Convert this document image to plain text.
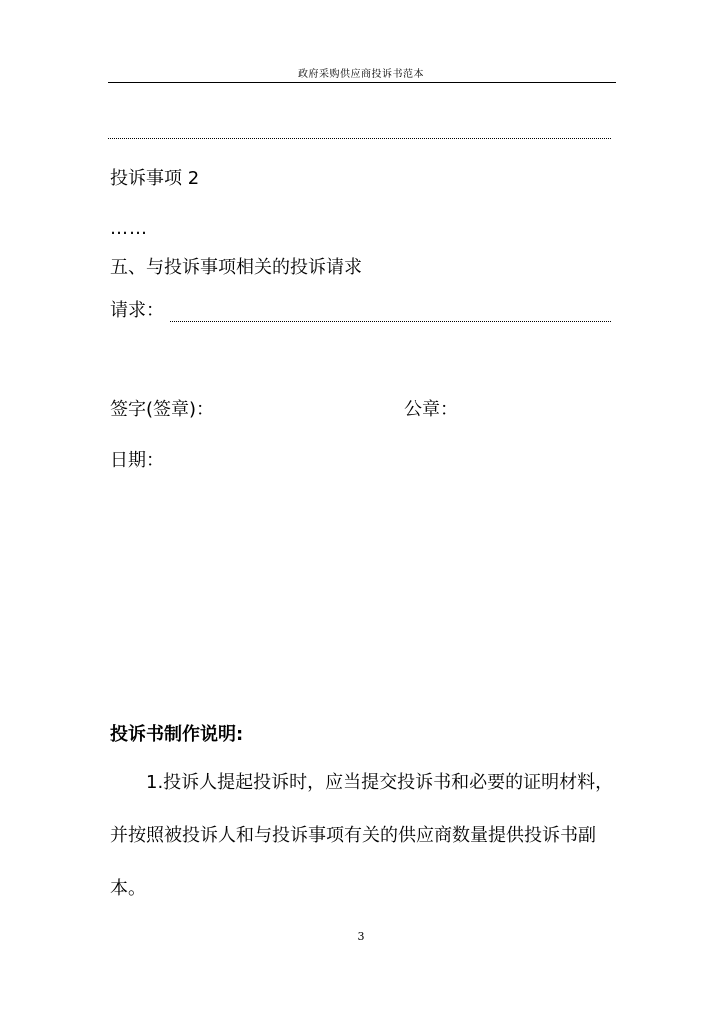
政府采购供应商投诉书范本
投诉事项 2
……
五、与投诉事项相关的投诉请求
请求：
签字(签章)：	公章：
日期：
投诉书制作说明:
1.投诉人提起投诉时，应当提交投诉书和必要的证明材料，并按照被投诉人和与投诉事项有关的供应商数量提供投诉书副本。
3
